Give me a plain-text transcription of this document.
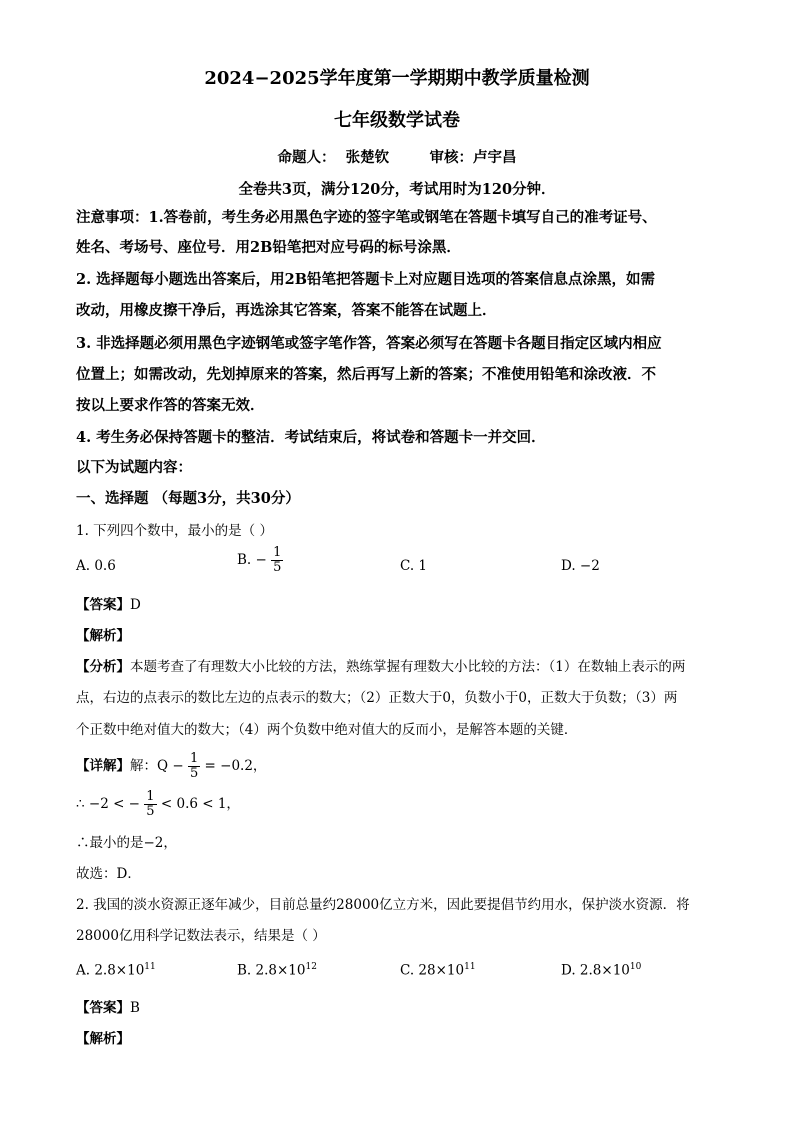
2024−2025学年度第一学期期中教学质量检测
七年级数学试卷
命题人： 张楚钦	审核：卢宇昌
全卷共3页，满分120分，考试用时为120分钟．
注意事项：1.答卷前，考生务必用黑色字迹的签字笔或钢笔在答题卡填写自己的准考证号、
姓名、考场号、座位号．用2B铅笔把对应号码的标号涂黑．
2. 选择题每小题选出答案后，用2B铅笔把答题卡上对应题目选项的答案信息点涂黑，如需
改动，用橡皮擦干净后，再选涂其它答案，答案不能答在试题上．
3. 非选择题必须用黑色字迹钢笔或签字笔作答，答案必须写在答题卡各题目指定区域内相应
位置上；如需改动，先划掉原来的答案，然后再写上新的答案；不准使用铅笔和涂改液．不
按以上要求作答的答案无效．
4. 考生务必保持答题卡的整洁．考试结束后，将试卷和答题卡一并交回．
以下为试题内容：
一、选择题 （每题3分，共30分）
1. 下列四个数中，最小的是（ ）
A. 0.6	B. − $\frac{1}{5}$	C. 1	D. −2
【答案】D
【解析】
【分析】本题考查了有理数大小比较的方法，熟练掌握有理数大小比较的方法：（1）在数轴上表示的两
点，右边的点表示的数比左边的点表示的数大；（2）正数大于0，负数小于0，正数大于负数；（3）两
个正数中绝对值大的数大；（4）两个负数中绝对值大的反而小，是解答本题的关键．
【详解】解：$Q - \frac{1}{5} = -0.2$，
∴ −2 < − $\frac{1}{5} < 0.6 < 1$，
∴最小的是−2，
故选：D．
2. 我国的淡水资源正逐年减少，目前总量约28000亿立方米，因此要提倡节约用水，保护淡水资源．将
28000亿用科学记数法表示，结果是（ ）
A. $2.8\times 10^{11}$	B. $2.8\times 10^{12}$	C. $28\times 10^{11}$	D. $2.8\times 10^{10}$
【答案】B
【解析】
